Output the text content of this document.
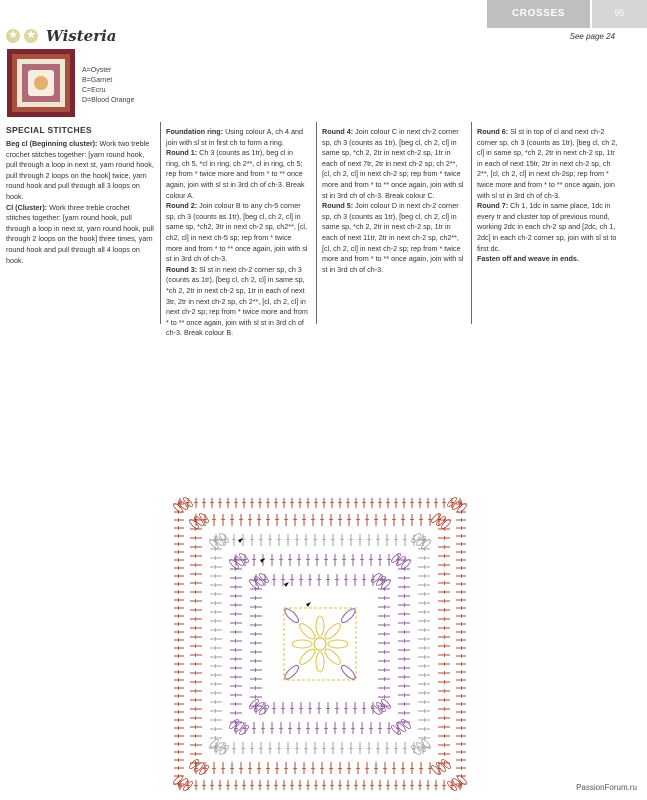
CROSSES	95
★
★
Wisteria	See page 24
A=Oyster
B=Garnet
C=Ecru
D=Blood Orange
SPECIAL STITCHES

Beg cl (Beginning cluster): Work two treble crochet stitches together: [yarn round hook, pull through a loop in next st, yarn round hook, pull through 2 loops on the hook] twice, yarn round hook and pull through all 3 loops on hook.

Cl (Cluster): Work three treble crochet stitches together: [yarn round hook, pull through a loop in next st, yarn round hook, pull through 2 loops on the hook] three times, yarn round hook and pull through all 4 loops on hook.

Foundation ring: Using colour A, ch 4 and join with sl st in first ch to form a ring.

Round 1: Ch 3 (counts as 1tr), beg cl in ring, ch 5, *cl in ring, ch 2**, cl in ring, ch 5; rep from * twice more and from * to ** once again, join with sl st in 3rd ch of ch-3. Break colour A.

Round 2: Join colour B to any ch-5 corner sp, ch 3 (counts as 1tr), [beg cl, ch 2, cl] in same sp, *ch2, 3tr in next ch-2 sp, ch2**, [cl, ch2, cl] in next ch-5 sp; rep from * twice more and from * to ** once again, join with sl st in 3rd ch of ch-3.

Round 3: Sl st in next ch-2 corner sp, ch 3 (counts as 1tr), [beg cl, ch 2, cl] in same sp, *ch 2, 2tr in next ch-2 sp, 1tr in each of next 3tr, 2tr in next ch-2 sp, ch 2**, [cl, ch 2, cl] in next ch-2 sp; rep from * twice more and from * to ** once again, join with sl st in 3rd ch of ch-3. Break colour B.

Round 4: Join colour C in next ch-2 corner sp, ch 3 (counts as 1tr), [beg cl, ch 2, cl] in same sp, *ch 2, 2tr in next ch-2 sp, 1tr in each of next 7tr, 2tr in next ch-2 sp, ch 2**, [cl, ch 2, cl] in next ch-2 sp; rep from * twice more and from * to ** once again, join with sl st in 3rd ch of ch-3. Break colour C.

Round 5: Join colour D in next ch-2 corner sp, ch 3 (counts as 1tr), [beg cl, ch 2, cl] in same sp, *ch 2, 2tr in next ch-2 sp, 1tr in each of next 11tr, 2tr in next ch-2 sp, ch2**, [cl, ch 2, cl] in next ch-2 sp; rep from * twice more and from * to ** once again, join with sl st in 3rd ch of ch-3.

Round 6: Sl st in top of cl and next ch-2 corner sp, ch 3 (counts as 1tr), [beg cl, ch 2, cl] in same sp, *ch 2, 2tr in next ch-2 sp, 1tr in each of next 15tr, 2tr in next ch-2 sp, ch 2**, [cl, ch 2, cl] in next ch-2sp; rep from * twice more and from * to ** once again, join with sl st in 3rd ch of ch-3.

Round 7: Ch 1, 1dc in same place, 1dc in every tr and cluster top of previous round, working 2dc in each ch-2 sp and [2dc, ch 1, 2dc] in each ch-2 corner sp, join with sl st to first dc.

Fasten off and weave in ends.

PassionForum.ru
